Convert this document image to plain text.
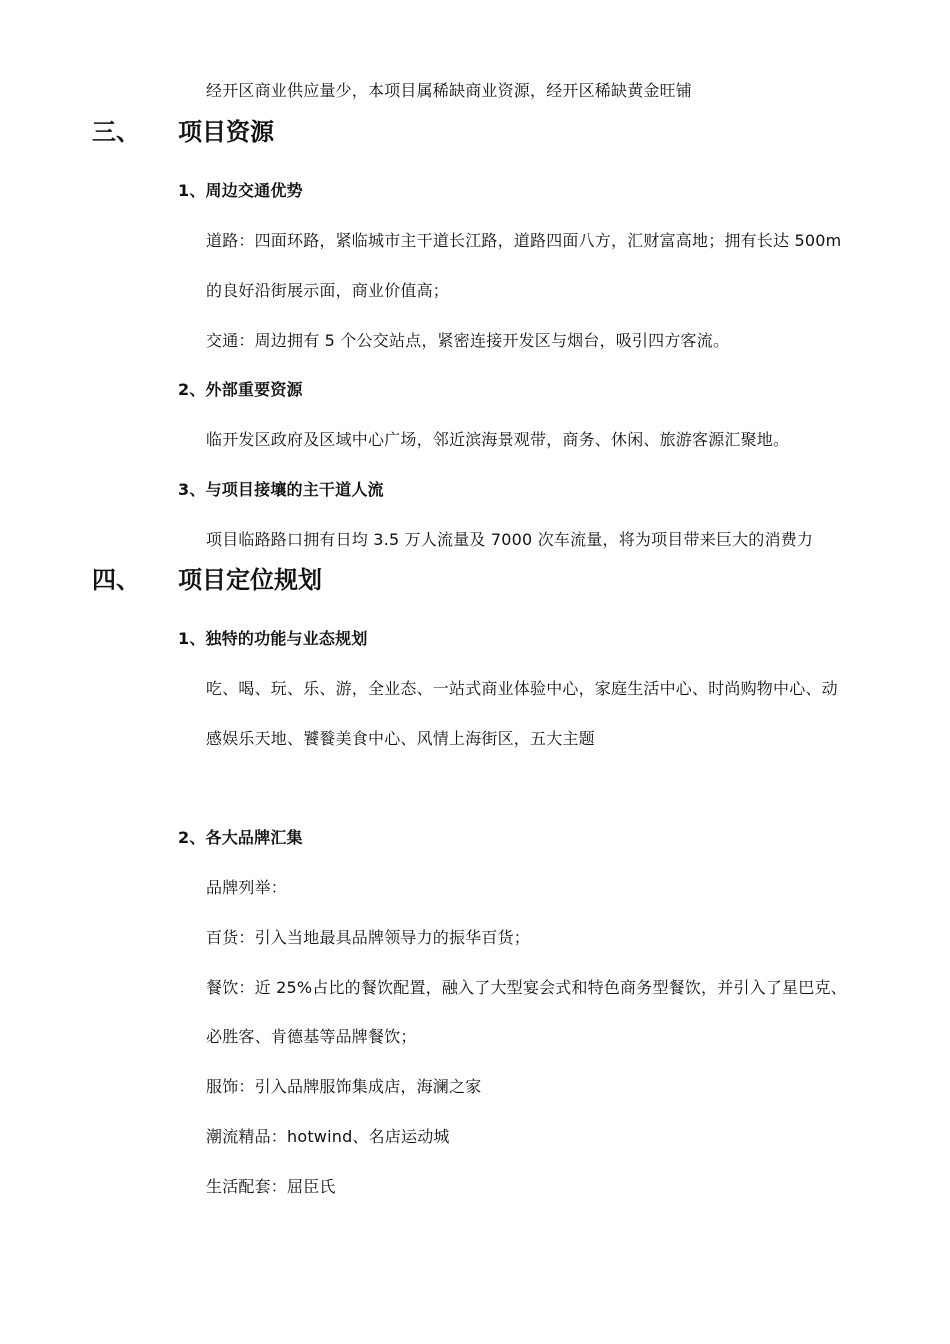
经开区商业供应量少，本项目属稀缺商业资源，经开区稀缺黄金旺铺
三、 项目资源
1、周边交通优势
道路：四面环路，紧临城市主干道长江路，道路四面八方，汇财富高地；拥有长达 500m
的良好沿街展示面，商业价值高；
交通：周边拥有 5 个公交站点，紧密连接开发区与烟台，吸引四方客流。
2、外部重要资源
临开发区政府及区域中心广场，邻近滨海景观带，商务、休闲、旅游客源汇聚地。
3、与项目接壤的主干道人流
项目临路路口拥有日均 3.5 万人流量及 7000 次车流量，将为项目带来巨大的消费力
四、 项目定位规划
1、独特的功能与业态规划
吃、喝、玩、乐、游，全业态、一站式商业体验中心，家庭生活中心、时尚购物中心、动
感娱乐天地、饕餮美食中心、风情上海街区，五大主题
2、各大品牌汇集
品牌列举：
百货：引入当地最具品牌领导力的振华百货；
餐饮：近 25%占比的餐饮配置，融入了大型宴会式和特色商务型餐饮，并引入了星巴克、
必胜客、肯德基等品牌餐饮；
服饰：引入品牌服饰集成店，海澜之家
潮流精品：hotwind、名店运动城
生活配套：屈臣氏
